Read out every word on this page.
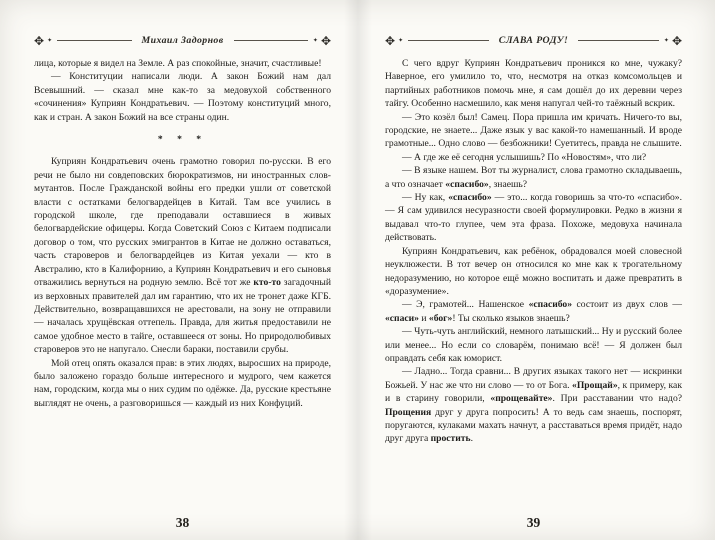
✥ ✦	Михаил Задорнов	✦ ✥

лица, которые я видел на Земле. А раз спокойные, значит, счастливые!

— Конституции написали люди. А закон Божий нам дал Всевышний. — сказал мне как-то за медовухой собственного «сочинения» Куприян Кондратьевич. — Поэтому конституций много, как и стран. А закон Божий на все страны один.

* * *

Куприян Кондратьевич очень грамотно говорил по-русски. В его речи не было ни совдеповских бюрократизмов, ни иностранных слов-мутантов. После Гражданской войны его предки ушли от советской власти с остатками белогвардейцев в Китай. Там все учились в городской школе, где преподавали оставшиеся в живых белогвардейские офицеры. Когда Советский Союз с Китаем подписали договор о том, что русских эмигрантов в Китае не должно оставаться, часть староверов и белогвардейцев из Китая уехали — кто в Австралию, кто в Калифорнию, а Куприян Кондратьевич и его сыновья отважились вернуться на родную землю. Всё тот же кто-то загадочный из верховных правителей дал им гарантию, что их не тронет даже КГБ. Действительно, возвращавшихся не арестовали, на зону не отправили — началась хрущёвская оттепель. Правда, для житья предоставили не самое удобное место в тайге, оставшееся от зоны. Но природолюбивых староверов это не напугало. Снесли бараки, поставили срубы.

Мой отец опять оказался прав: в этих людях, выросших на природе, было заложено гораздо больше интересного и мудрого, чем кажется нам, городским, когда мы о них судим по одёжке. Да, русские крестьяне выглядят не очень, а разговоришься — каждый из них Конфуций.

38
✥ ✦	СЛАВА РОДУ!	✦ ✥

С чего вдруг Куприян Кондратьевич проникся ко мне, чужаку? Наверное, его умилило то, что, несмотря на отказ комсомольцев и партийных работников помочь мне, я сам дошёл до их деревни через тайгу. Особенно насмешило, как меня напугал чей-то таёжный вскрик.

— Это козёл был! Самец. Пора пришла им кричать. Ничего-то вы, городские, не знаете... Даже язык у вас какой-то намешанный. И вроде грамотные... Одно слово — безбожники! Суетитесь, правда не слышите.

— А где же её сегодня услышишь? По «Новостям», что ли?

— В языке нашем. Вот ты журналист, слова грамотно складываешь, а что означает «спасибо», знаешь?

— Ну как, «спасибо» — это... когда говоришь за что-то «спасибо». — Я сам удивился несуразности своей формулировки. Редко в жизни я выдавал что-то глупее, чем эта фраза. Похоже, медовуха начинала действовать.

Куприян Кондратьевич, как ребёнок, обрадовался моей словесной неуклюжести. В тот вечер он относился ко мне как к трогательному недоразумению, но которое ещё можно воспитать и даже превратить в «доразумение».

— Э, грамотей... Нашенское «спасибо» состоит из двух слов — «спаси» и «бог»! Ты сколько языков знаешь?

— Чуть-чуть английский, немного латышский... Ну и русский более или менее... Но если со словарём, понимаю всё! — Я должен был оправдать себя как юморист.

— Ладно... Тогда сравни... В других языках такого нет — искринки Божьей. У нас же что ни слово — то от Бога. «Прощай», к примеру, как и в старину говорили, «прощевайте». При расставании что надо? Прощения друг у друга попросить! А то ведь сам знаешь, поспорят, поругаются, кулаками махать начнут, а расставаться время придёт, надо друг друга простить.

39
